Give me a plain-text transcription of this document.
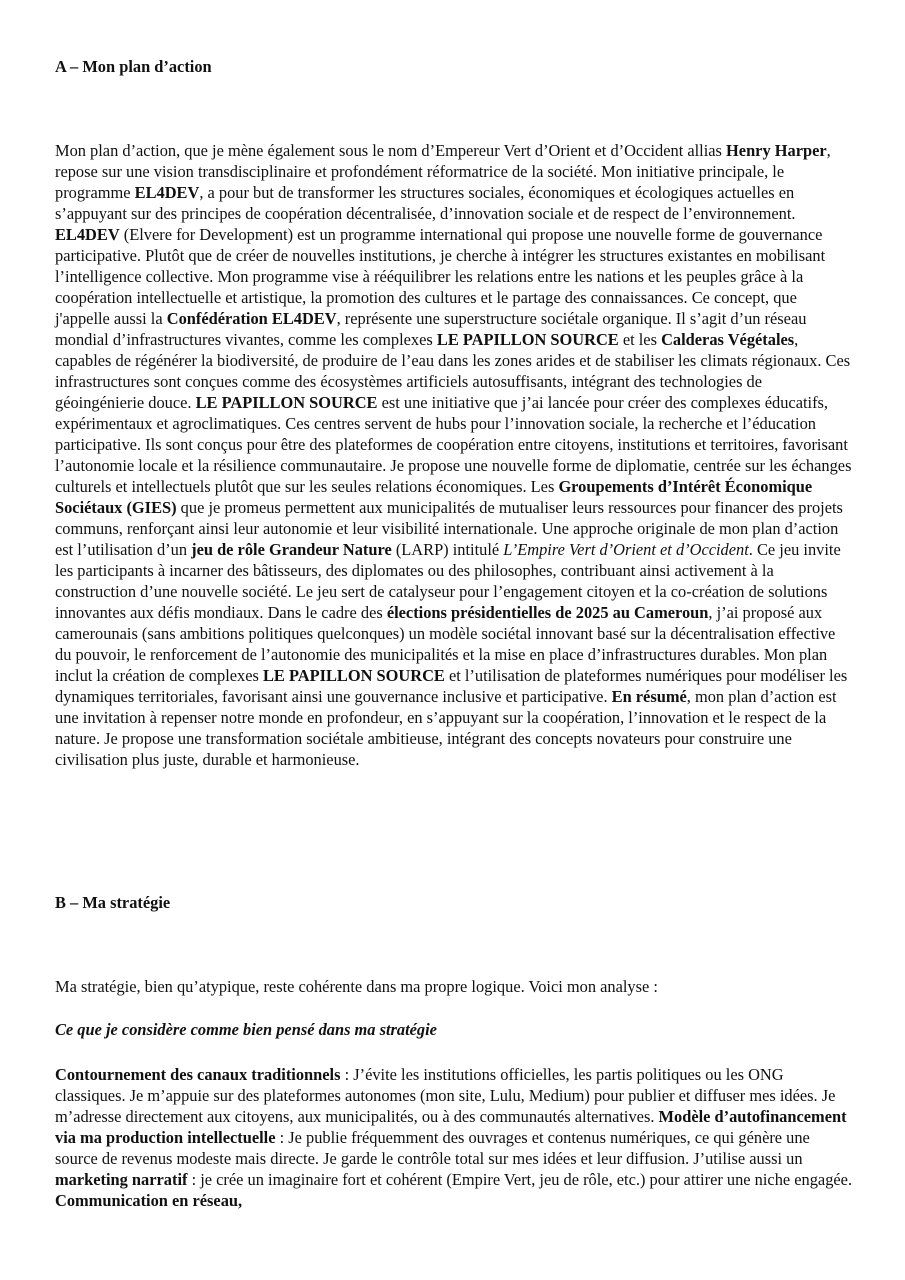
A – Mon plan d’action

Mon plan d’action, que je mène également sous le nom d’Empereur Vert d’Orient et d’Occident allias Henry Harper, repose sur une vision transdisciplinaire et profondément réformatrice de la société. Mon initiative principale, le programme EL4DEV, a pour but de transformer les structures sociales, économiques et écologiques actuelles en s’appuyant sur des principes de coopération décentralisée, d’innovation sociale et de respect de l’environnement. EL4DEV (Elvere for Development) est un programme international qui propose une nouvelle forme de gouvernance participative. Plutôt que de créer de nouvelles institutions, je cherche à intégrer les structures existantes en mobilisant l’intelligence collective. Mon programme vise à rééquilibrer les relations entre les nations et les peuples grâce à la coopération intellectuelle et artistique, la promotion des cultures et le partage des connaissances. Ce concept, que j'appelle aussi la Confédération EL4DEV, représente une superstructure sociétale organique. Il s’agit d’un réseau mondial d’infrastructures vivantes, comme les complexes LE PAPILLON SOURCE et les Calderas Végétales, capables de régénérer la biodiversité, de produire de l’eau dans les zones arides et de stabiliser les climats régionaux. Ces infrastructures sont conçues comme des écosystèmes artificiels autosuffisants, intégrant des technologies de géoingénierie douce. LE PAPILLON SOURCE est une initiative que j’ai lancée pour créer des complexes éducatifs, expérimentaux et agroclimatiques. Ces centres servent de hubs pour l’innovation sociale, la recherche et l’éducation participative. Ils sont conçus pour être des plateformes de coopération entre citoyens, institutions et territoires, favorisant l’autonomie locale et la résilience communautaire. Je propose une nouvelle forme de diplomatie, centrée sur les échanges culturels et intellectuels plutôt que sur les seules relations économiques. Les Groupements d’Intérêt Économique Sociétaux (GIES) que je promeus permettent aux municipalités de mutualiser leurs ressources pour financer des projets communs, renforçant ainsi leur autonomie et leur visibilité internationale. Une approche originale de mon plan d’action est l’utilisation d’un jeu de rôle Grandeur Nature (LARP) intitulé L’Empire Vert d’Orient et d’Occident. Ce jeu invite les participants à incarner des bâtisseurs, des diplomates ou des philosophes, contribuant ainsi activement à la construction d’une nouvelle société. Le jeu sert de catalyseur pour l’engagement citoyen et la co-création de solutions innovantes aux défis mondiaux. Dans le cadre des élections présidentielles de 2025 au Cameroun, j’ai proposé aux camerounais (sans ambitions politiques quelconques) un modèle sociétal innovant basé sur la décentralisation effective du pouvoir, le renforcement de l’autonomie des municipalités et la mise en place d’infrastructures durables. Mon plan inclut la création de complexes LE PAPILLON SOURCE et l’utilisation de plateformes numériques pour modéliser les dynamiques territoriales, favorisant ainsi une gouvernance inclusive et participative. En résumé, mon plan d’action est une invitation à repenser notre monde en profondeur, en s’appuyant sur la coopération, l’innovation et le respect de la nature. Je propose une transformation sociétale ambitieuse, intégrant des concepts novateurs pour construire une civilisation plus juste, durable et harmonieuse.

B – Ma stratégie

Ma stratégie, bien qu’atypique, reste cohérente dans ma propre logique. Voici mon analyse :

Ce que je considère comme bien pensé dans ma stratégie

Contournement des canaux traditionnels : J’évite les institutions officielles, les partis politiques ou les ONG classiques. Je m’appuie sur des plateformes autonomes (mon site, Lulu, Medium) pour publier et diffuser mes idées. Je m’adresse directement aux citoyens, aux municipalités, ou à des communautés alternatives. Modèle d’autofinancement via ma production intellectuelle : Je publie fréquemment des ouvrages et contenus numériques, ce qui génère une source de revenus modeste mais directe. Je garde le contrôle total sur mes idées et leur diffusion. J’utilise aussi un marketing narratif : je crée un imaginaire fort et cohérent (Empire Vert, jeu de rôle, etc.) pour attirer une niche engagée. Communication en réseau,
